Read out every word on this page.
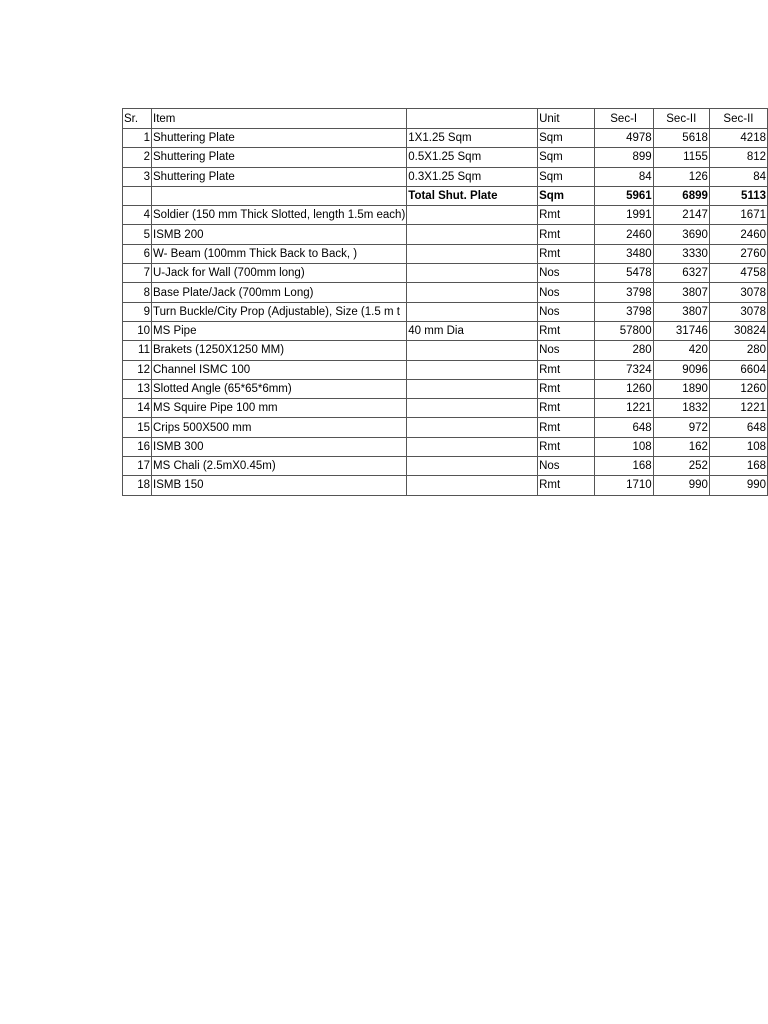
Sr.	Item		Unit	Sec-I	Sec-II	Sec-II
1	Shuttering Plate	1X1.25 Sqm	Sqm	4978	5618	4218
2	Shuttering Plate	0.5X1.25 Sqm	Sqm	899	1155	812
3	Shuttering Plate	0.3X1.25 Sqm	Sqm	84	126	84
		Total Shut. Plate	Sqm	5961	6899	5113
4	Soldier (150 mm Thick Slotted, length 1.5m each)		Rmt	1991	2147	1671
5	ISMB 200		Rmt	2460	3690	2460
6	W- Beam (100mm Thick Back to Back, )		Rmt	3480	3330	2760
7	U-Jack for Wall (700mm long)		Nos	5478	6327	4758
8	Base Plate/Jack (700mm Long)		Nos	3798	3807	3078
9	Turn Buckle/City Prop (Adjustable), Size (1.5 m t		Nos	3798	3807	3078
10	MS Pipe	40 mm Dia	Rmt	57800	31746	30824
11	Brakets (1250X1250 MM)		Nos	280	420	280
12	Channel ISMC 100		Rmt	7324	9096	6604
13	Slotted Angle (65*65*6mm)		Rmt	1260	1890	1260
14	MS Squire Pipe 100 mm		Rmt	1221	1832	1221
15	Crips 500X500 mm		Rmt	648	972	648
16	ISMB 300		Rmt	108	162	108
17	MS Chali (2.5mX0.45m)		Nos	168	252	168
18	ISMB 150		Rmt	1710	990	990
